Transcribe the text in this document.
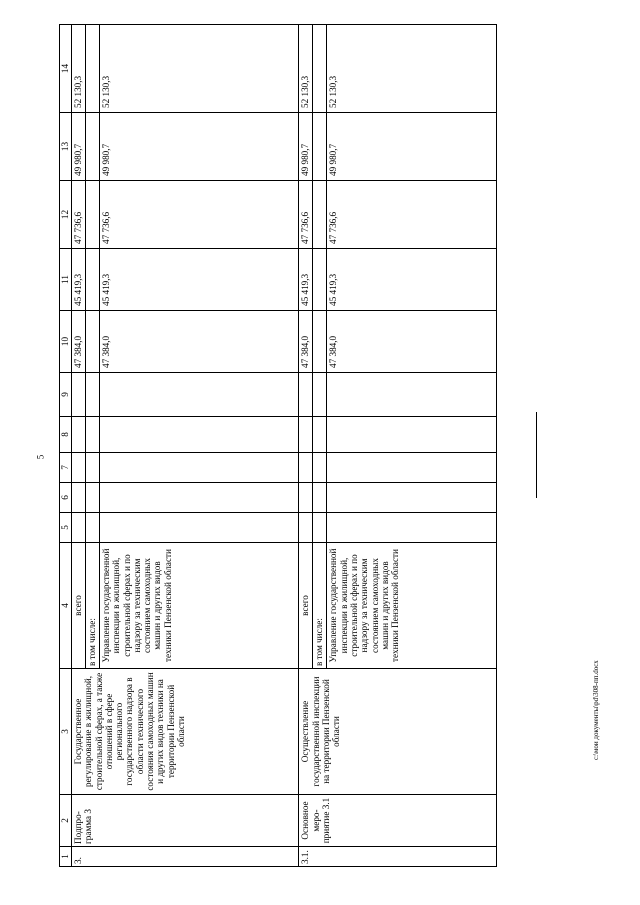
5
c:\мои документы\pd\308-пп.docx
1	2	3	4	5	6	7	8	9	10	11	12	13	14
3.	Подпро-грамма 3	Государственное регулирование в жилищной, строительной сферах, а также отношений в сфере регионального государственного надзора в области технического состояния самоходных машин и других видов техники на территории Пензенской области	всего						47 384,0	45 419,3	47 736,6	49 980,7	52 130,3
			в том числе:										
			Управление государственной инспекции в жилищной, строительной сферах и по надзору за техническим состоянием самоходных машин и других видов техники Пензенской области						47 384,0	45 419,3	47 736,6	49 980,7	52 130,3
3.1.	Основное меро-приятие 3.1	Осуществление государственной инспекции на территории Пензенской области	всего						47 384,0	45 419,3	47 736,6	49 980,7	52 130,3
			в том числе:										
			Управление государственной инспекции в жилищной, строительной сферах и по надзору за техническим состоянием самоходных машин и других видов техники Пензенской области						47 384,0	45 419,3	47 736,6	49 980,7	52 130,3
